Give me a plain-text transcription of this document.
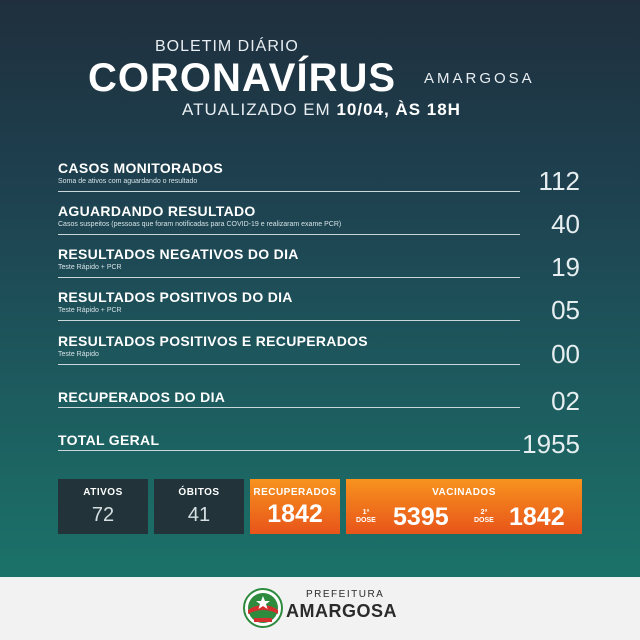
BOLETIM DIÁRIO
CORONAVÍRUS AMARGOSA
ATUALIZADO EM 10/04, ÀS 18H
CASOS MONITORADOS
Soma de ativos com aguardando o resultado	112
AGUARDANDO RESULTADO
Casos suspeitos (pessoas que foram notificadas para COVID-19 e realizaram exame PCR)	40
RESULTADOS NEGATIVOS DO DIA
Teste Rápido + PCR	19
RESULTADOS POSITIVOS DO DIA
Teste Rápido + PCR	05
RESULTADOS POSITIVOS E RECUPERADOS
Teste Rápido	00
RECUPERADOS DO DIA	02
TOTAL GERAL	1955
ATIVOS
72
ÓBITOS
41
RECUPERADOS
1842
VACINADOS
1ª
DOSE 5395	2ª
DOSE 1842
PREFEITURA
AMARGOSA
